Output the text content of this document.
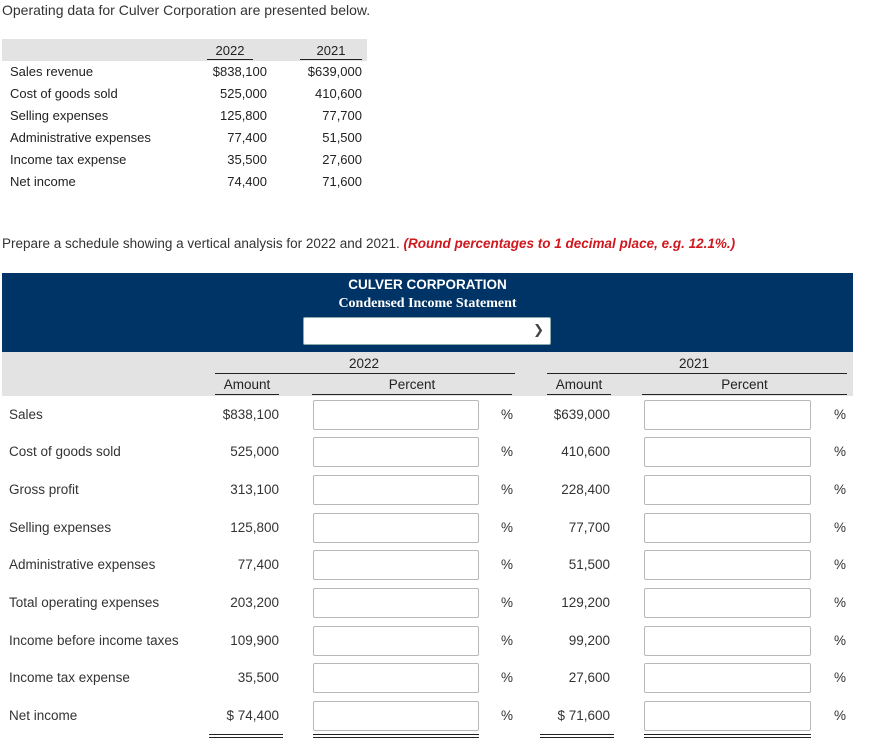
Operating data for Culver Corporation are presented below.
2022	2021
Sales revenue	$838,100	$639,000
Cost of goods sold	525,000	410,600
Selling expenses	125,800	77,700
Administrative expenses	77,400	51,500
Income tax expense	35,500	27,600
Net income	74,400	71,600
Prepare a schedule showing a vertical analysis for 2022 and 2021. (Round percentages to 1 decimal place, e.g. 12.1%.)
CULVER CORPORATION
Condensed Income Statement
❯
2022	2021
Amount	Percent	Amount	Percent
Sales	$838,100	%	$639,000	%
Cost of goods sold	525,000	%	410,600	%
Gross profit	313,100	%	228,400	%
Selling expenses	125,800	%	77,700	%
Administrative expenses	77,400	%	51,500	%
Total operating expenses	203,200	%	129,200	%
Income before income taxes	109,900	%	99,200	%
Income tax expense	35,500	%	27,600	%
Net income	$ 74,400	%	$ 71,600	%
